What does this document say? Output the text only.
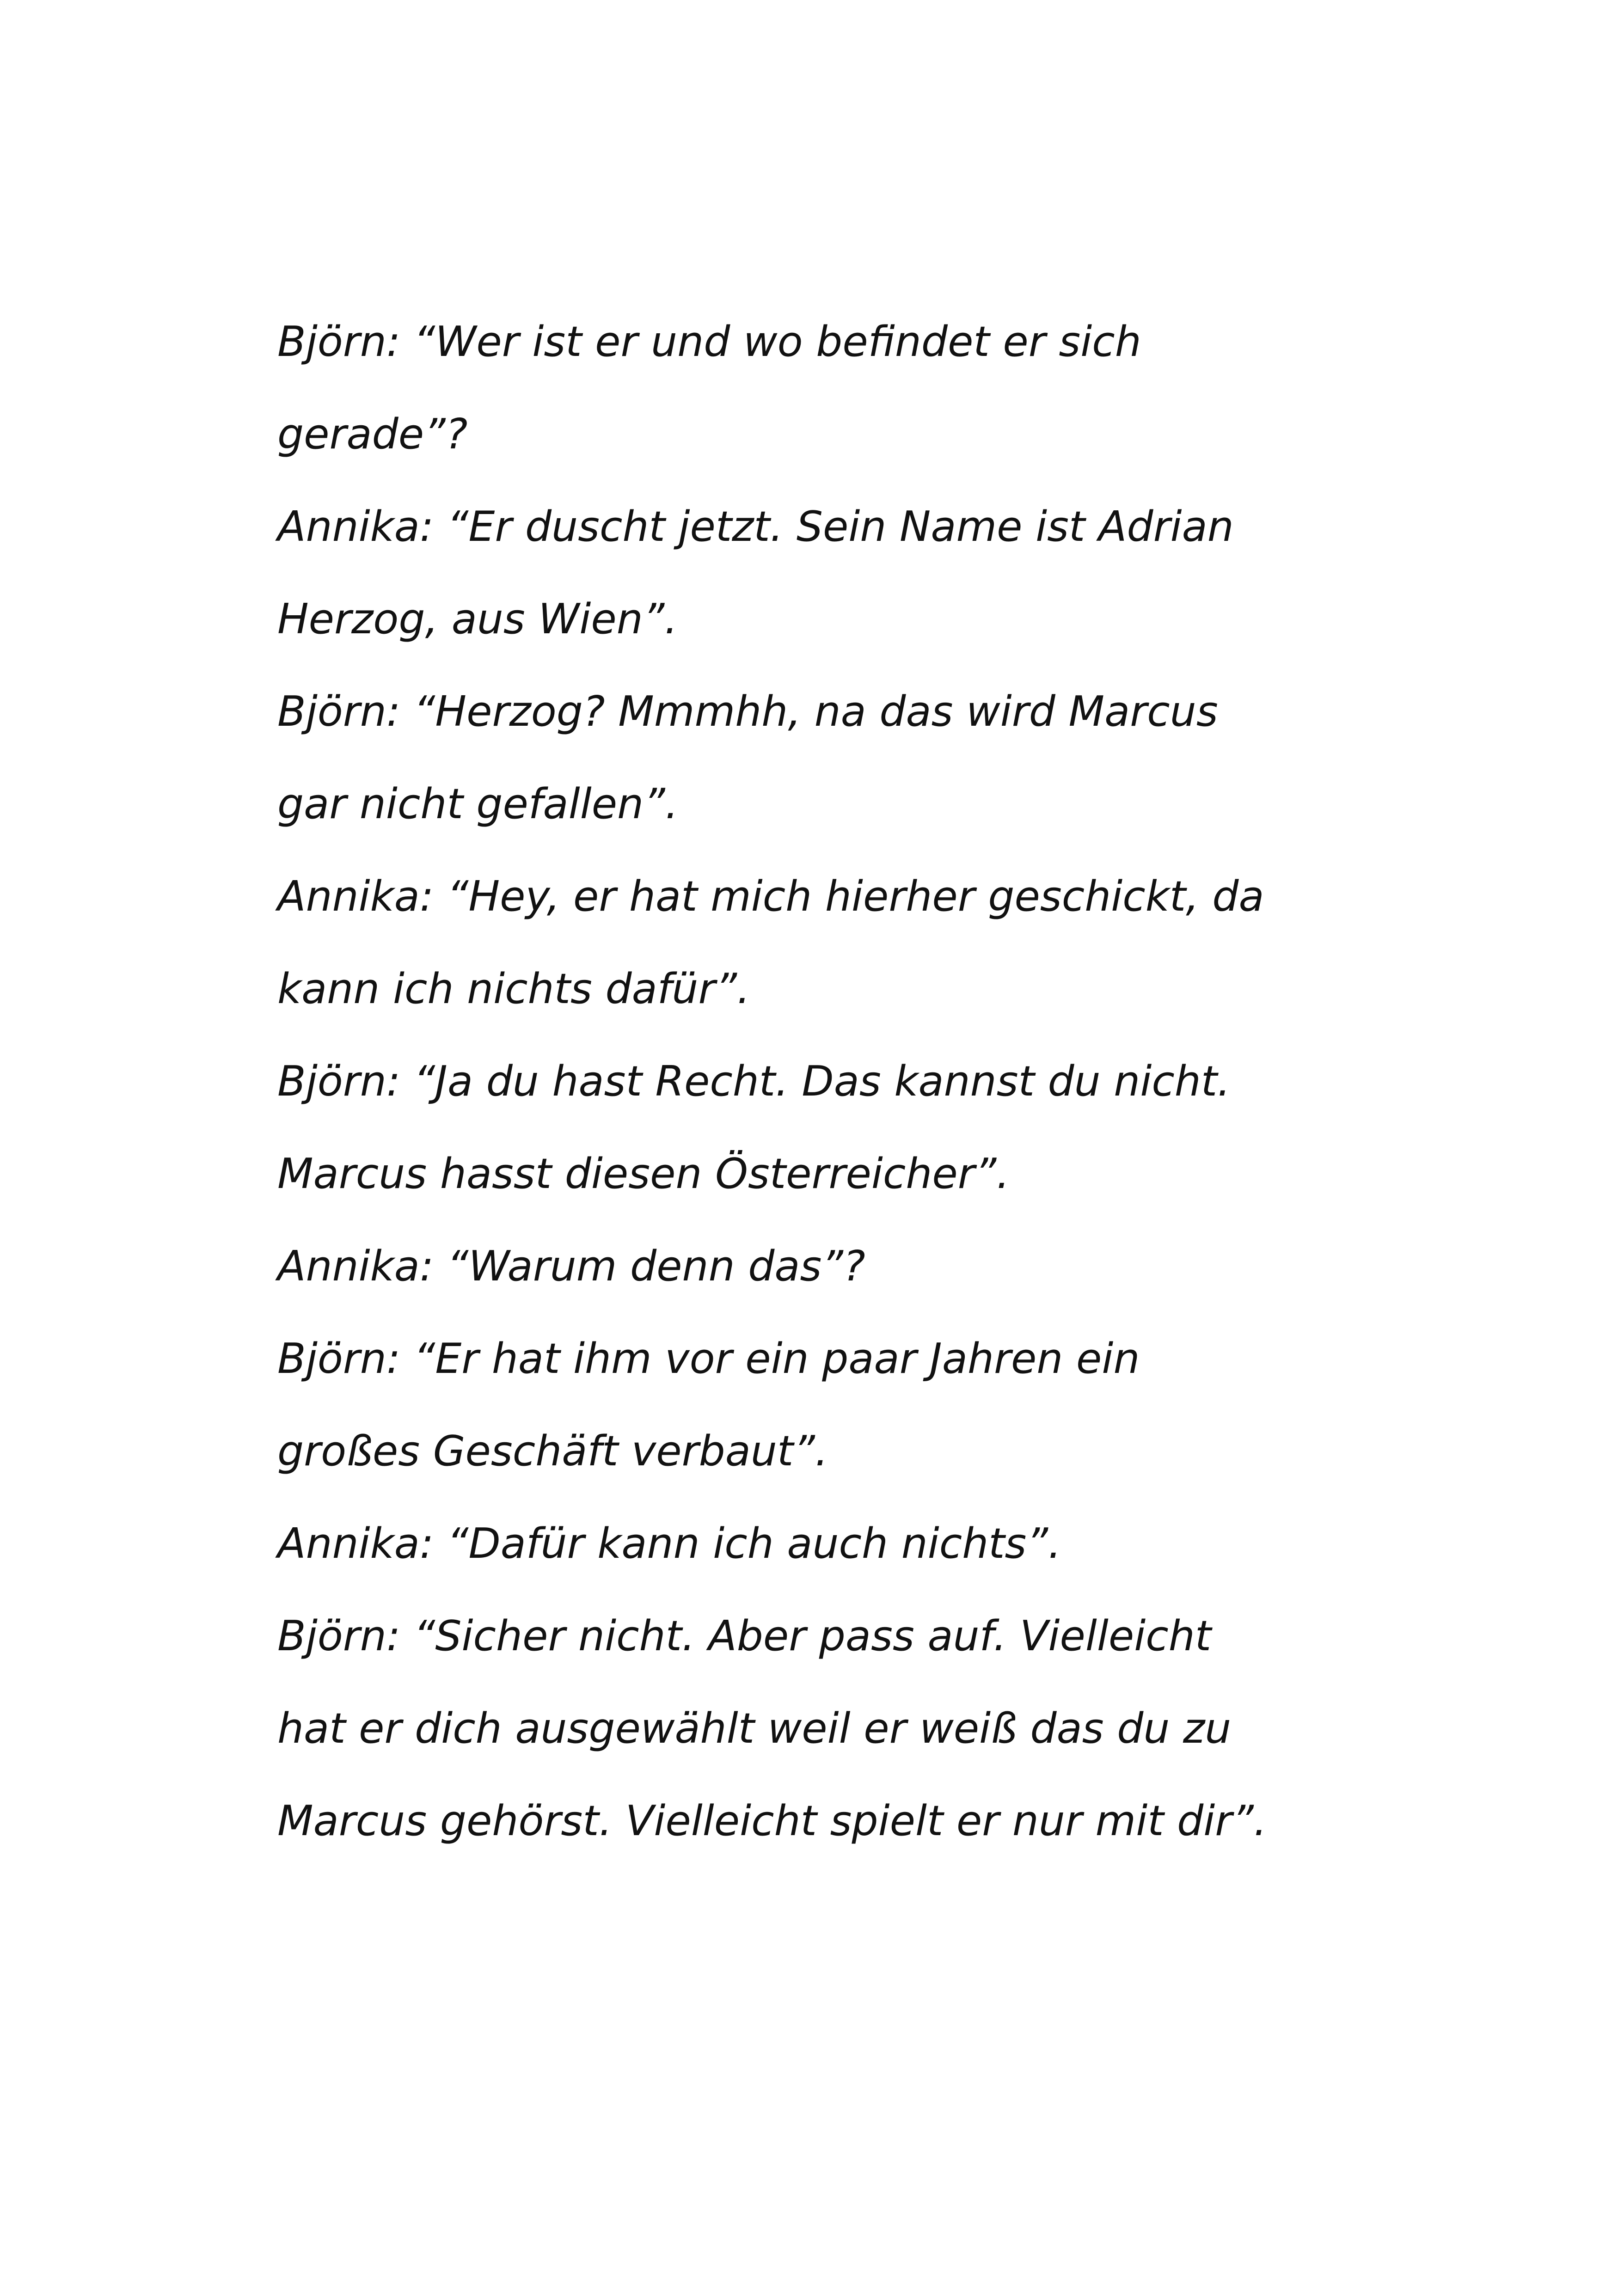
Björn: “Wer ist er und wo befindet er sich
gerade”?
Annika: “Er duscht jetzt. Sein Name ist Adrian
Herzog, aus Wien”.
Björn: “Herzog? Mmmhh, na das wird Marcus
gar nicht gefallen”.
Annika: “Hey, er hat mich hierher geschickt, da
kann ich nichts dafür”.
Björn: “Ja du hast Recht. Das kannst du nicht.
Marcus hasst diesen Österreicher”.
Annika: “Warum denn das”?
Björn: “Er hat ihm vor ein paar Jahren ein
großes Geschäft verbaut”.
Annika: “Dafür kann ich auch nichts”.
Björn: “Sicher nicht. Aber pass auf. Vielleicht
hat er dich ausgewählt weil er weiß das du zu
Marcus gehörst. Vielleicht spielt er nur mit dir”.
